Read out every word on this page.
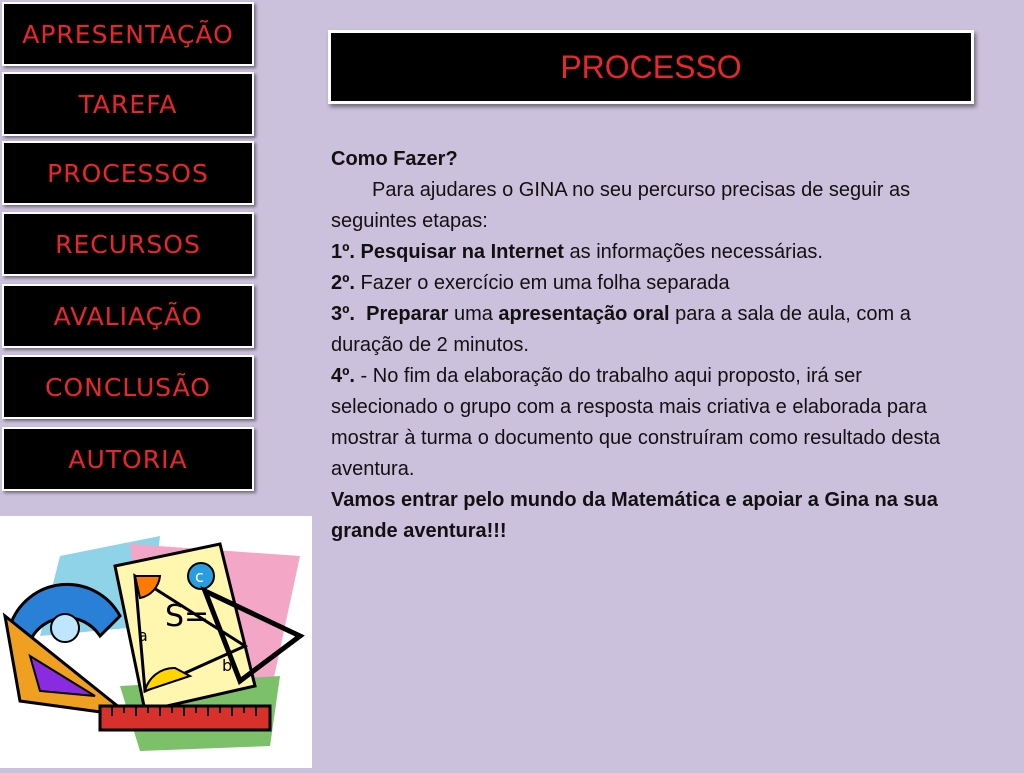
APRESENTAÇÃO
TAREFA
PROCESSOS
RECURSOS
AVALIAÇÃO
CONCLUSÃO
AUTORIA
PROCESSO

Como Fazer?

Para ajudares o GINA no seu percurso precisas de seguir as seguintes etapas:

1º. Pesquisar na Internet as informações necessárias.

2º. Fazer o exercício em uma folha separada

3º. Preparar uma apresentação oral para a sala de aula, com a duração de 2 minutos.

4º. - No fim da elaboração do trabalho aqui proposto, irá ser selecionado o grupo com a resposta mais criativa e elaborada para mostrar à turma o documento que construíram como resultado desta aventura.

Vamos entrar pelo mundo da Matemática e apoiar a Gina na sua grande aventura!!!

c
S=
a
b
